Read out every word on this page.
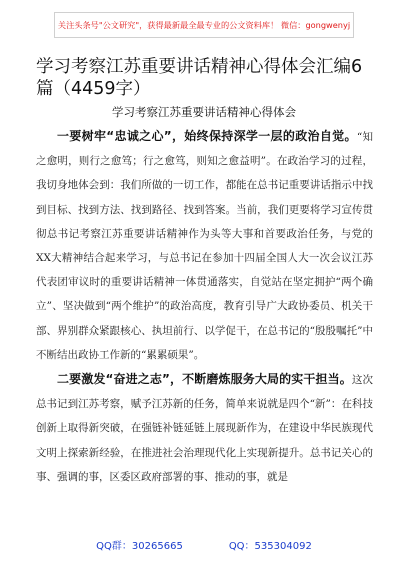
关注头条号"公文研究"，获得最新最全最专业的公文资料库！ 微信：gongwenyj
学习考察江苏重要讲话精神心得体会汇编6篇（4459字）
学习考察江苏重要讲话精神心得体会

一要树牢“忠诚之心”，始终保持深学一层的政治自觉。“知之愈明，则行之愈笃；行之愈笃，则知之愈益明”。在政治学习的过程，我切身地体会到：我们所做的一切工作，都能在总书记重要讲话指示中找到目标、找到方法、找到路径、找到答案。当前，我们更要将学习宣传贯彻总书记考察江苏重要讲话精神作为头等大事和首要政治任务，与党的XX大精神结合起来学习，与总书记在参加十四届全国人大一次会议江苏代表团审议时的重要讲话精神一体贯通落实，自觉站在坚定拥护“两个确立”、坚决做到“两个维护”的政治高度，教育引导广大政协委员、机关干部、界别群众紧跟核心、执坦前行、以学促干，在总书记的“殷殷嘱托”中不断结出政协工作新的“累累硕果”。

二要激发“奋进之志”，不断磨炼服务大局的实干担当。这次总书记到江苏考察，赋予江苏新的任务，简单来说就是四个“新”：在科技创新上取得新突破，在强链补链延链上展现新作为，在建设中华民族现代文明上探索新经验，在推进社会治理现代化上实现新提升。总书记关心的事、强调的事，区委区政府部署的事、推动的事，就是

QQ群：30265665	QQ：535304092
